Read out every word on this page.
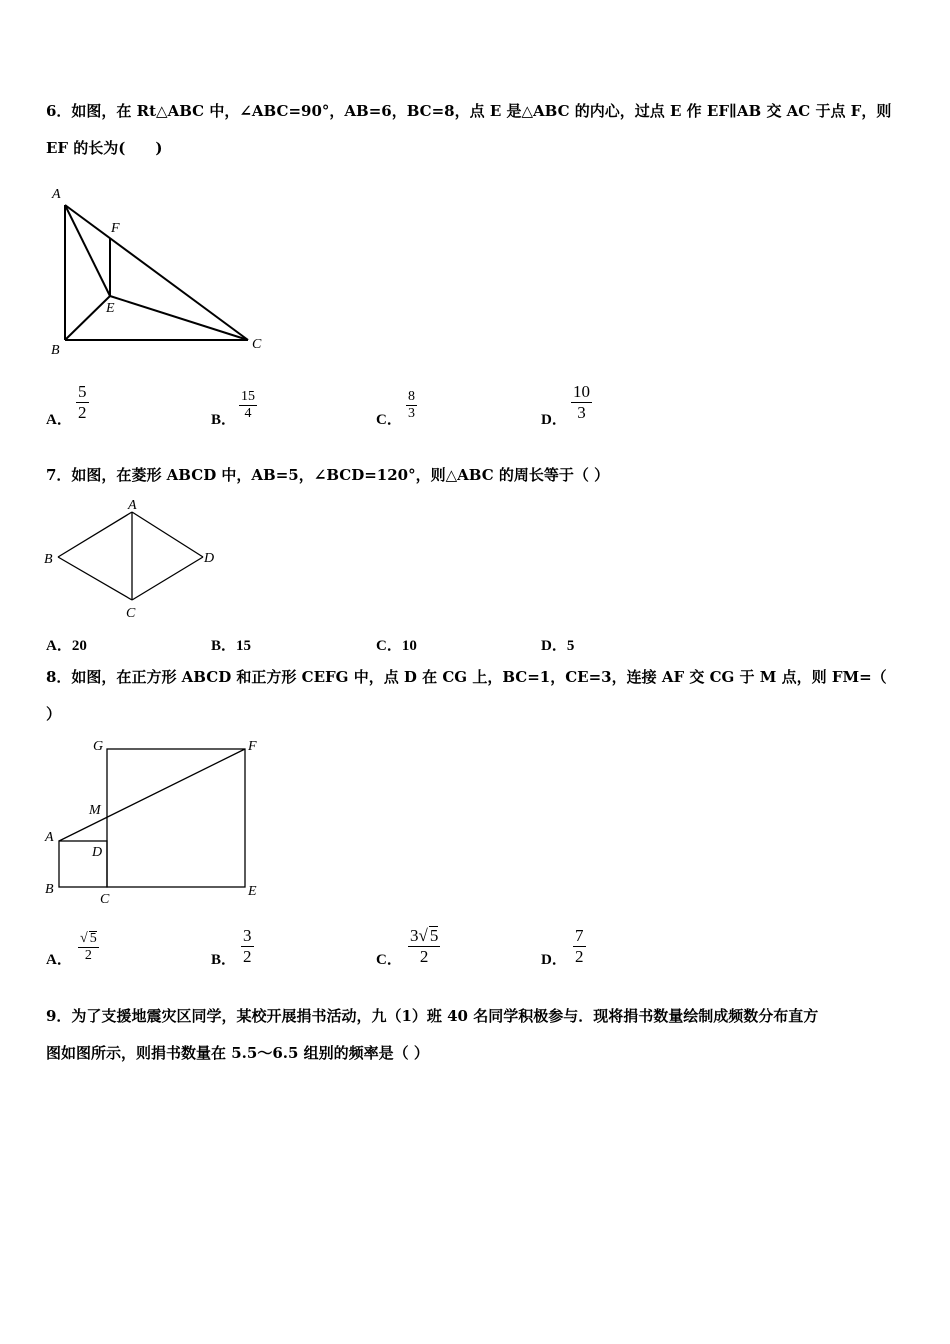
6．如图，在 Rt△ABC 中，∠ABC=90°，AB=6，BC=8，点 E 是△ABC 的内心，过点 E 作 EF∥AB 交 AC 于点 F，则
EF 的长为(　　)
A
F
E
B	C
A． $\frac{5}{2}$	B． $\frac{15}{4}$	C． $\frac{8}{3}$	D． $\frac{10}{3}$
7．如图，在菱形 ABCD 中，AB=5，∠BCD=120°，则△ABC 的周长等于（ ）
A
B
C
D
A．20	B．15	C．10	D．5
8．如图，在正方形 ABCD 和正方形 CEFG 中，点 D 在 CG 上，BC=1，CE=3，连接 AF 交 CG 于 M 点，则 FM=（
）
G	F
M
A
D
B
C
E
A． $\frac{√ 5}{2}$	B． $\frac{3}{2}$	C． $\frac{3√ 5}{2}$	D． $\frac{7}{2}$
9．为了支援地震灾区同学，某校开展捐书活动，九（1）班 40 名同学积极参与．现将捐书数量绘制成频数分布直方
图如图所示，则捐书数量在 5.5～6.5 组别的频率是（ ）
